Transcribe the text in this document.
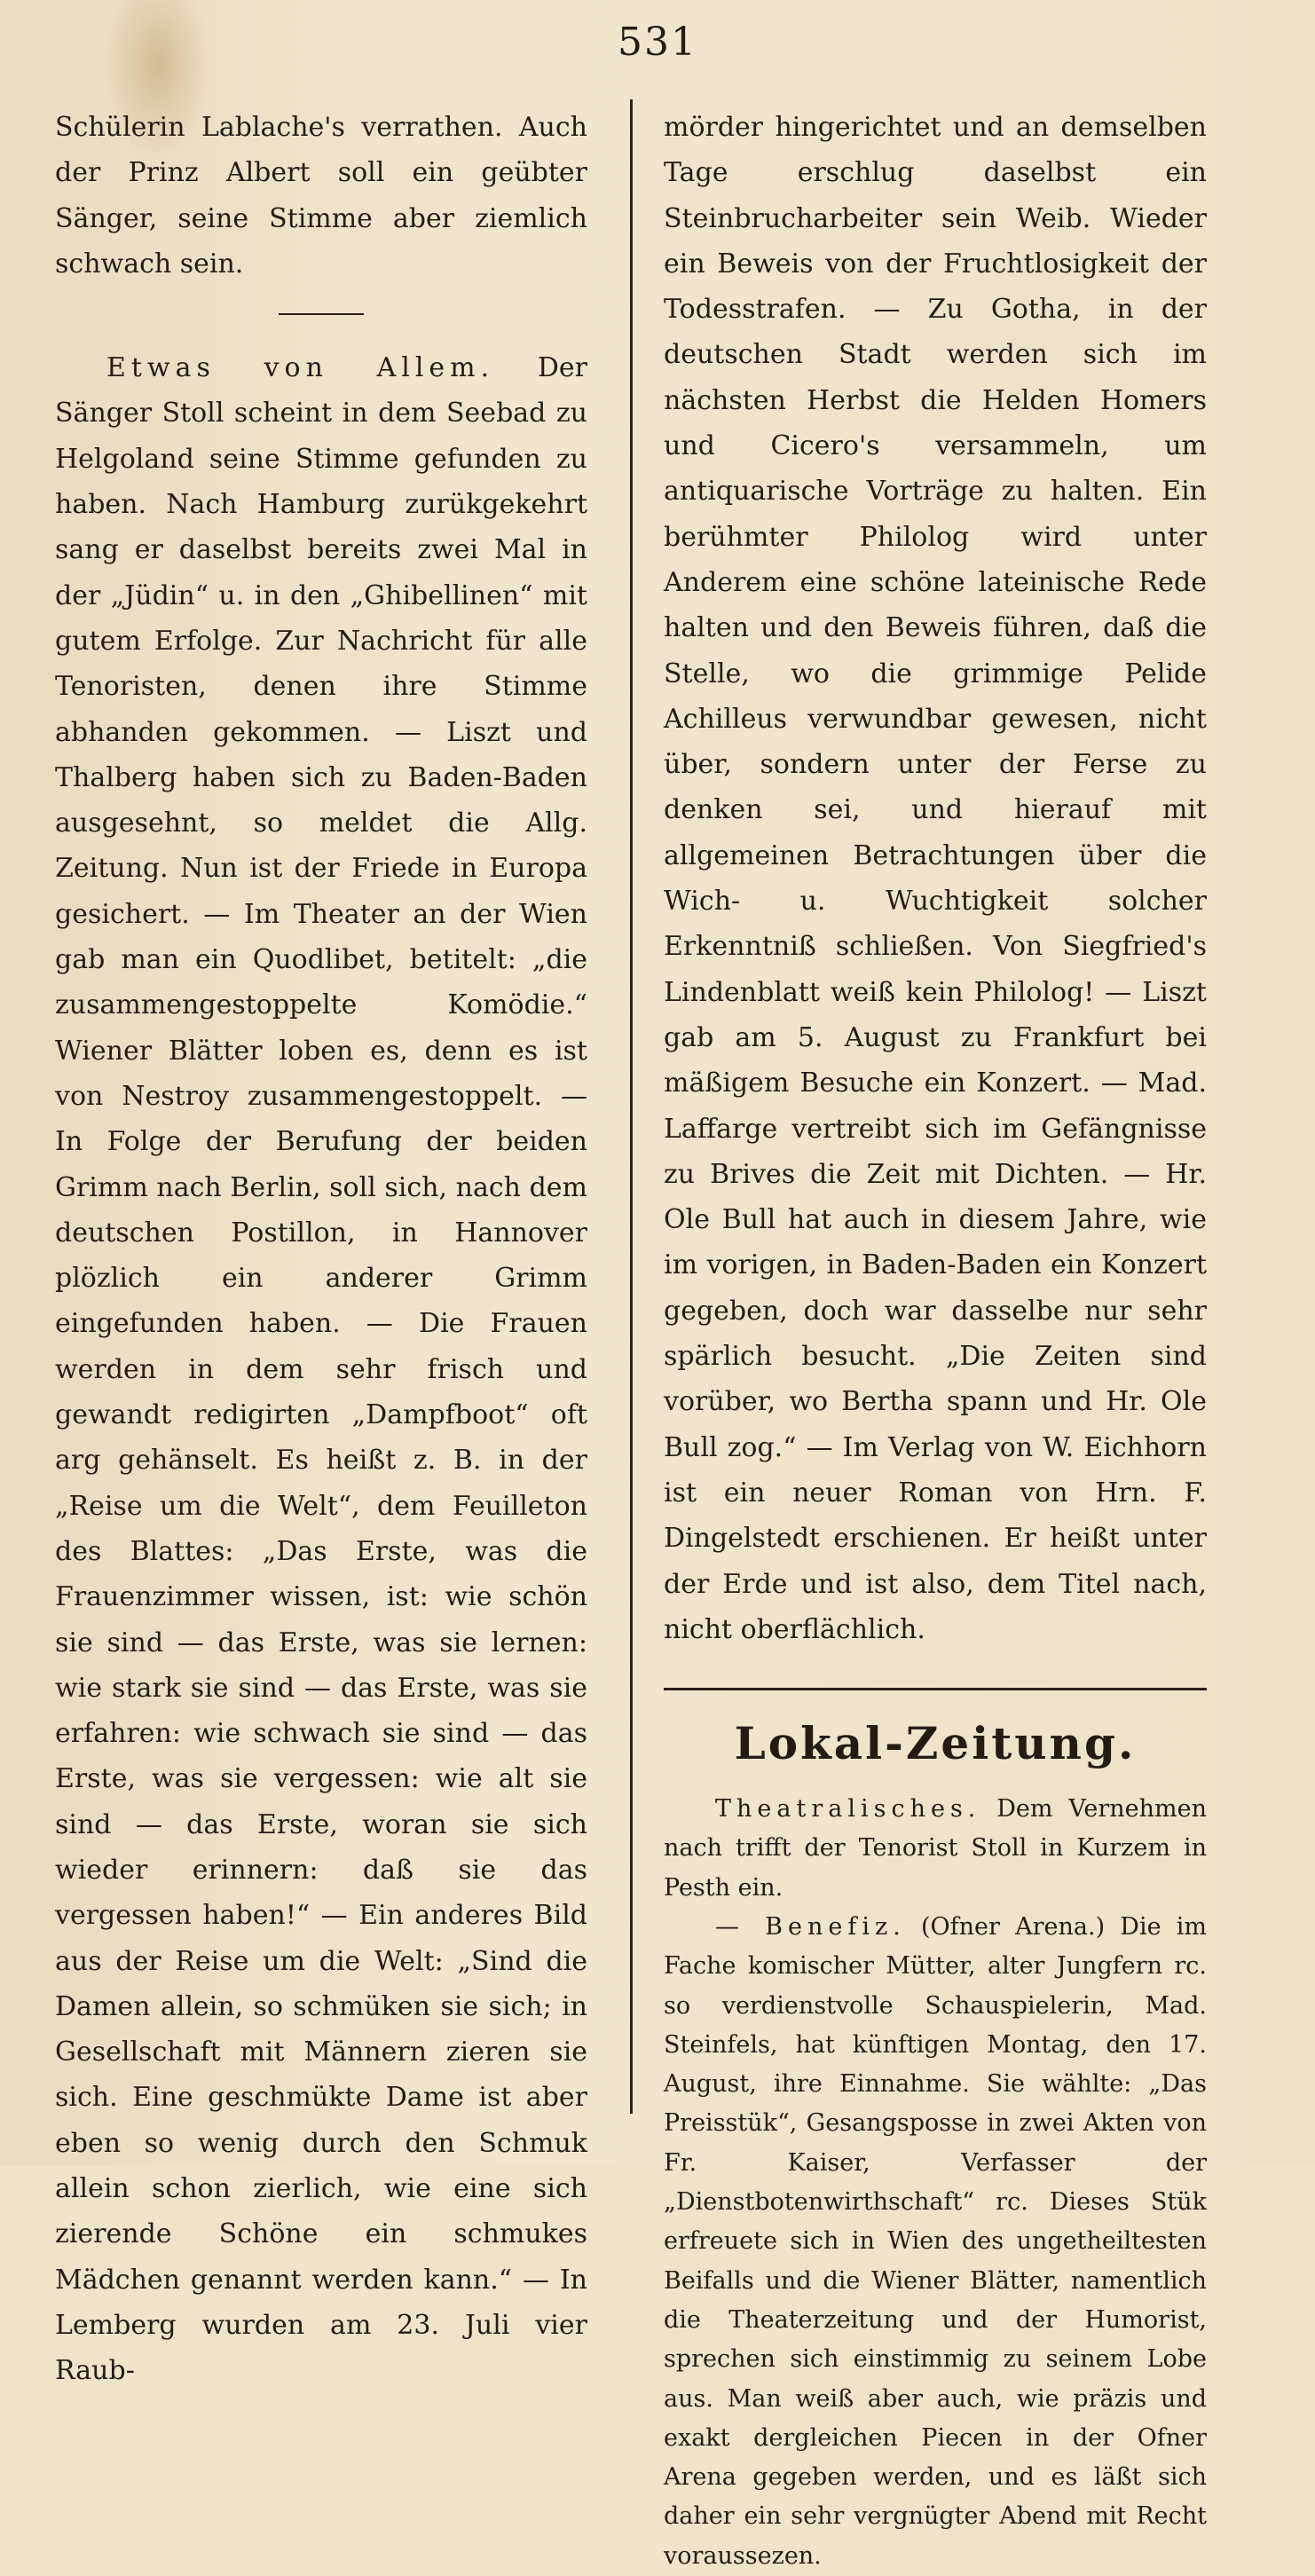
531

Schülerin Lablache's verrathen. Auch der Prinz Albert soll ein geübter Sänger, seine Stimme aber ziemlich schwach sein.

Etwas von Allem. Der Sänger Stoll scheint in dem Seebad zu Helgoland seine Stimme gefunden zu haben. Nach Hamburg zurükgekehrt sang er daselbst bereits zwei Mal in der „Jüdin“ u. in den „Ghibellinen“ mit gutem Erfolge. Zur Nachricht für alle Tenoristen, denen ihre Stimme abhanden gekommen. — Liszt und Thalberg haben sich zu Baden-Baden ausgesehnt, so meldet die Allg. Zeitung. Nun ist der Friede in Europa gesichert. — Im Theater an der Wien gab man ein Quodlibet, betitelt: „die zusammengestoppelte Komödie.“ Wiener Blätter loben es, denn es ist von Nestroy zusammengestoppelt. — In Folge der Berufung der beiden Grimm nach Berlin, soll sich, nach dem deutschen Postillon, in Hannover plözlich ein anderer Grimm eingefunden haben. — Die Frauen werden in dem sehr frisch und gewandt redigirten „Dampfboot“ oft arg gehänselt. Es heißt z. B. in der „Reise um die Welt“, dem Feuilleton des Blattes: „Das Erste, was die Frauenzimmer wissen, ist: wie schön sie sind — das Erste, was sie lernen: wie stark sie sind — das Erste, was sie erfahren: wie schwach sie sind — das Erste, was sie vergessen: wie alt sie sind — das Erste, woran sie sich wieder erinnern: daß sie das vergessen haben!“ — Ein anderes Bild aus der Reise um die Welt: „Sind die Damen allein, so schmüken sie sich; in Gesellschaft mit Männern zieren sie sich. Eine geschmükte Dame ist aber eben so wenig durch den Schmuk allein schon zierlich, wie eine sich zierende Schöne ein schmukes Mädchen genannt werden kann.“ — In Lemberg wurden am 23. Juli vier Raub-

mörder hingerichtet und an demselben Tage erschlug daselbst ein Steinbrucharbeiter sein Weib. Wieder ein Beweis von der Fruchtlosigkeit der Todesstrafen. — Zu Gotha, in der deutschen Stadt werden sich im nächsten Herbst die Helden Homers und Cicero's versammeln, um antiquarische Vorträge zu halten. Ein berühmter Philolog wird unter Anderem eine schöne lateinische Rede halten und den Beweis führen, daß die Stelle, wo die grimmige Pelide Achilleus verwundbar gewesen, nicht über, sondern unter der Ferse zu denken sei, und hierauf mit allgemeinen Betrachtungen über die Wich- u. Wuchtigkeit solcher Erkenntniß schließen. Von Siegfried's Lindenblatt weiß kein Philolog! — Liszt gab am 5. August zu Frankfurt bei mäßigem Besuche ein Konzert. — Mad. Laffarge vertreibt sich im Gefängnisse zu Brives die Zeit mit Dichten. — Hr. Ole Bull hat auch in diesem Jahre, wie im vorigen, in Baden-Baden ein Konzert gegeben, doch war dasselbe nur sehr spärlich besucht. „Die Zeiten sind vorüber, wo Bertha spann und Hr. Ole Bull zog.“ — Im Verlag von W. Eichhorn ist ein neuer Roman von Hrn. F. Dingelstedt erschienen. Er heißt unter der Erde und ist also, dem Titel nach, nicht oberflächlich.

Lokal-Zeitung.

Theatralisches. Dem Vernehmen nach trifft der Tenorist Stoll in Kurzem in Pesth ein.

— Benefiz. (Ofner Arena.) Die im Fache komischer Mütter, alter Jungfern rc. so verdienstvolle Schauspielerin, Mad. Steinfels, hat künftigen Montag, den 17. August, ihre Einnahme. Sie wählte: „Das Preisstük“, Gesangsposse in zwei Akten von Fr. Kaiser, Verfasser der „Dienstbotenwirthschaft“ rc. Dieses Stük erfreuete sich in Wien des ungetheiltesten Beifalls und die Wiener Blätter, namentlich die Theaterzeitung und der Humorist, sprechen sich einstimmig zu seinem Lobe aus. Man weiß aber auch, wie präzis und exakt dergleichen Piecen in der Ofner Arena gegeben werden, und es läßt sich daher ein sehr vergnügter Abend mit Recht voraussezen.
